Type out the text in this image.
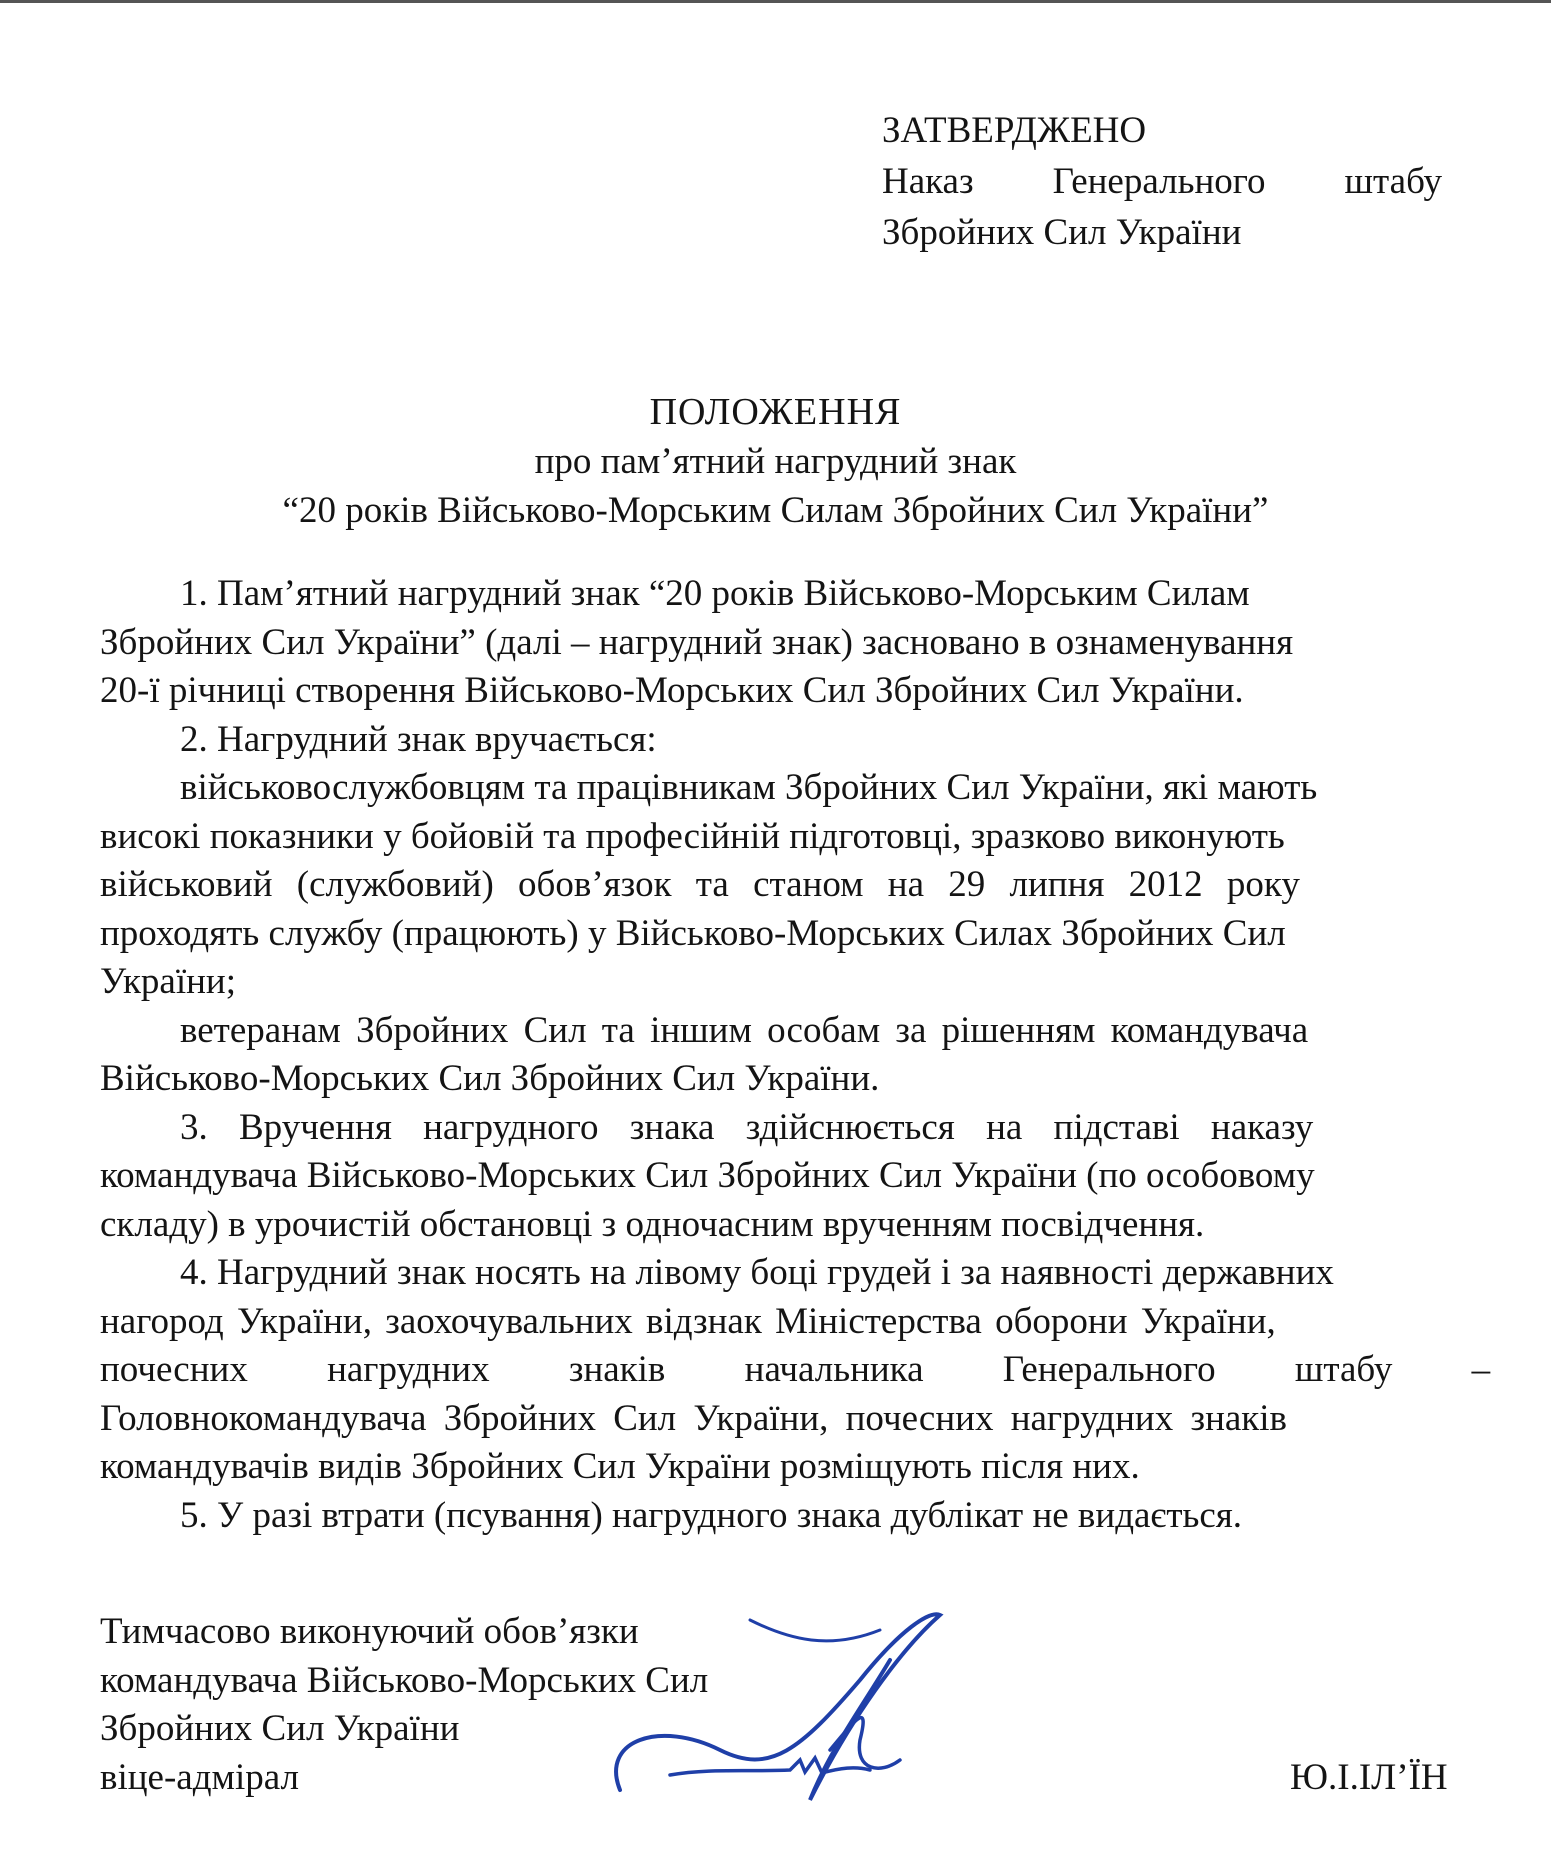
ЗАТВЕРДЖЕНО
Наказ Генерального штабу
Збройних Сил України
ПОЛОЖЕННЯ
про пам’ятний нагрудний знак
“20 років Військово-Морським Силам Збройних Сил України”
1. Пам’ятний нагрудний знак “20 років Військово-Морським Силам
Збройних Сил України” (далі – нагрудний знак) засновано в ознаменування
20-ї річниці створення Військово-Морських Сил Збройних Сил України.
2. Нагрудний знак вручається:
військовослужбовцям та працівникам Збройних Сил України, які мають
високі показники у бойовій та професійній підготовці, зразково виконують
військовий (службовий) обов’язок та станом на 29 липня 2012 року
проходять службу (працюють) у Військово-Морських Силах Збройних Сил
України;
ветеранам Збройних Сил та іншим особам за рішенням командувача
Військово-Морських Сил Збройних Сил України.
3. Вручення нагрудного знака здійснюється на підставі наказу
командувача Військово-Морських Сил Збройних Сил України (по особовому
складу) в урочистій обстановці з одночасним врученням посвідчення.
4. Нагрудний знак носять на лівому боці грудей і за наявності державних
нагород України, заохочувальних відзнак Міністерства оборони України,
почесних нагрудних знаків начальника Генерального штабу –
Головнокомандувача Збройних Сил України, почесних нагрудних знаків
командувачів видів Збройних Сил України розміщують після них.
5. У разі втрати (псування) нагрудного знака дублікат не видається.
Тимчасово виконуючий обов’язки
командувача Військово-Морських Сил
Збройних Сил України
віце-адмірал	Ю.І.ІЛ’ЇН
